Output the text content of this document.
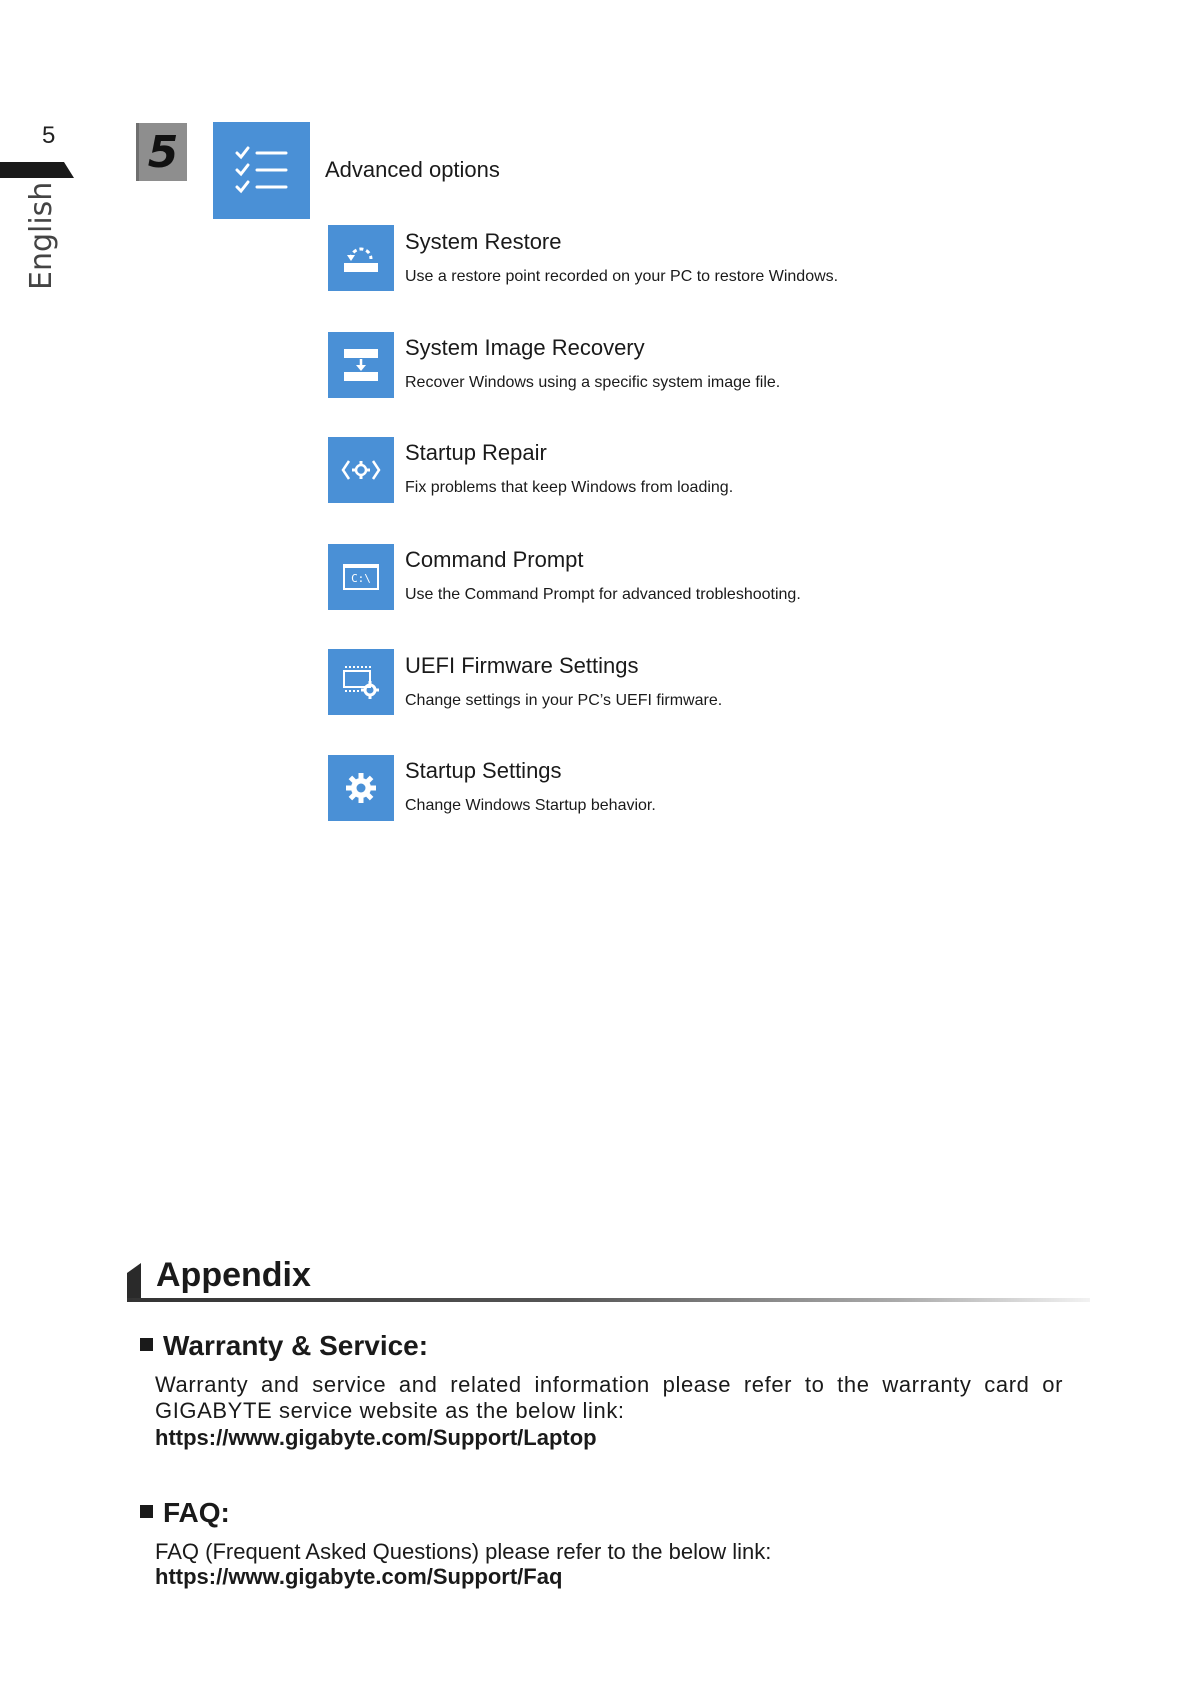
5
English
5	Advanced options
System Restore
Use a restore point recorded on your PC to restore Windows.
System Image Recovery
Recover Windows using a specific system image file.
Startup Repair
Fix problems that keep Windows from loading.
C:\
Command Prompt
Use the Command Prompt for advanced trobleshooting.
UEFI Firmware Settings
Change settings in your PC’s UEFI firmware.
Startup Settings
Change Windows Startup behavior.
Appendix
Warranty & Service:
Warranty and service and related information please refer to the warranty card or GIGABYTE service website as the below link:
https://www.gigabyte.com/Support/Laptop
FAQ:
FAQ (Frequent Asked Questions) please refer to the below link:
https://www.gigabyte.com/Support/Faq
